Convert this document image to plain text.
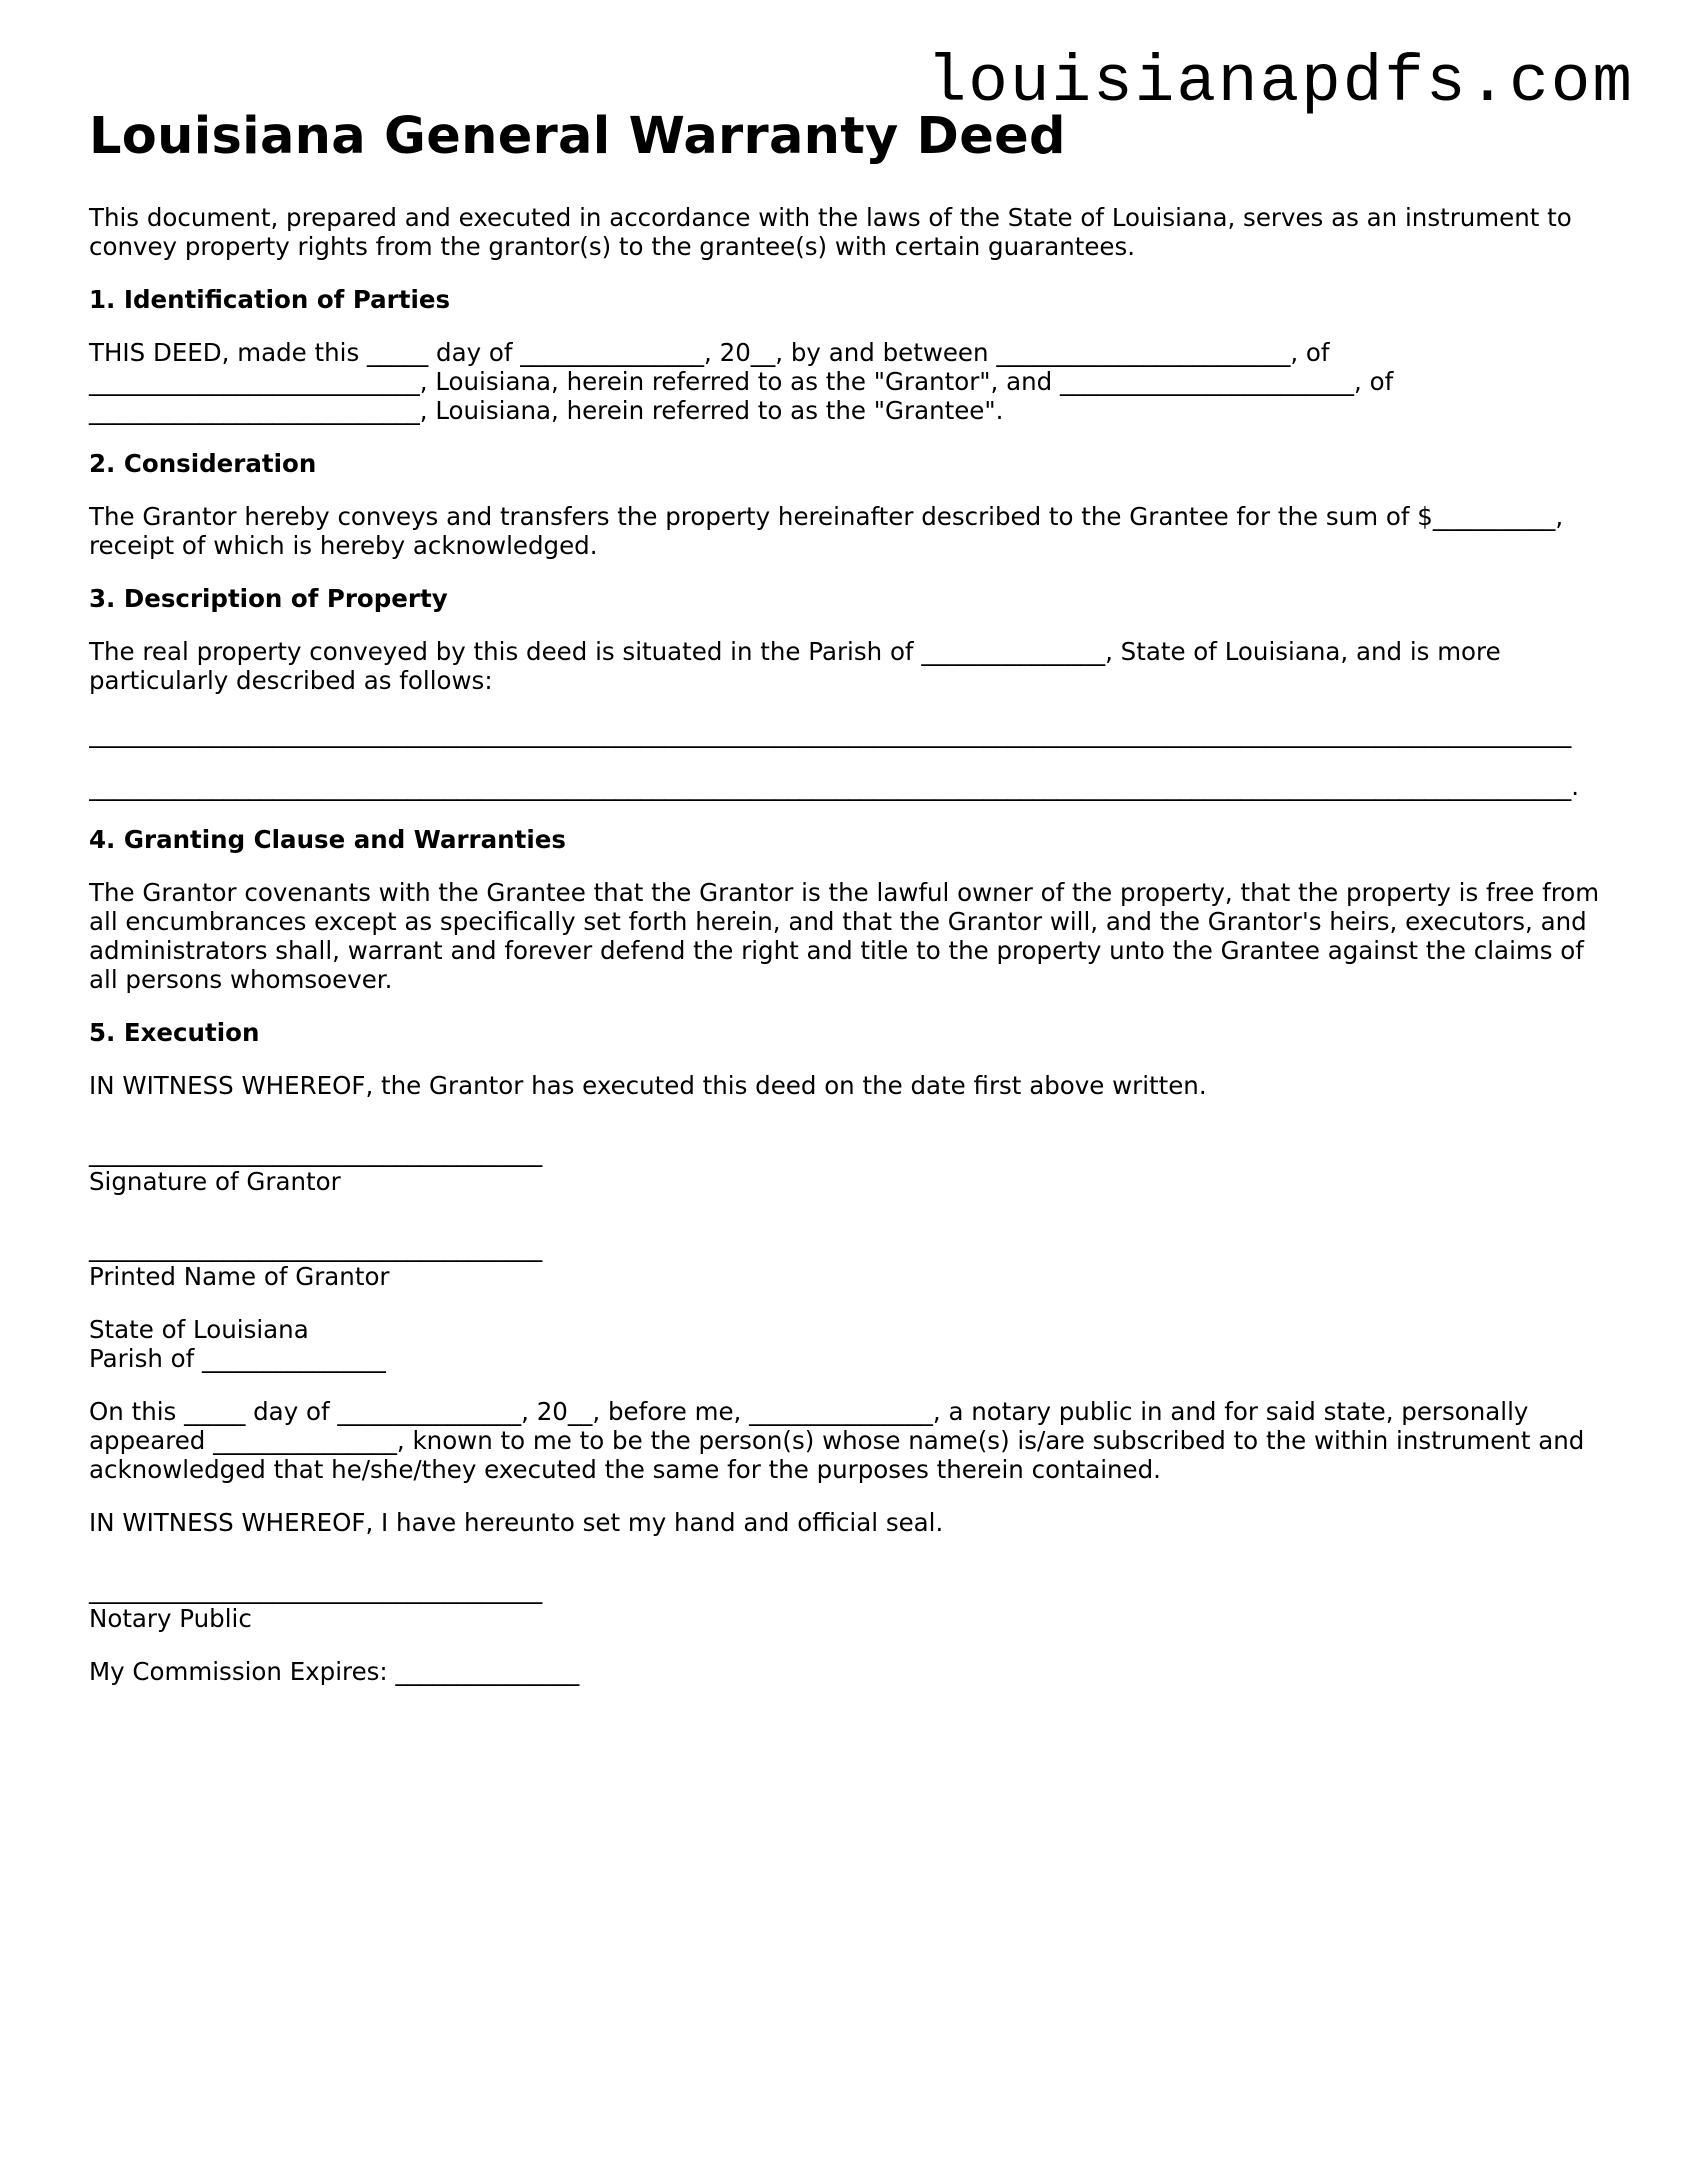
louisianapdfs.com
Louisiana General Warranty Deed

This document, prepared and executed in accordance with the laws of the State of Louisiana, serves as an instrument to convey property rights from the grantor(s) to the grantee(s) with certain guarantees.

1. Identification of Parties

THIS DEED, made this _____ day of _______________, 20__, by and between ________________________, of
___________________________, Louisiana, herein referred to as the "Grantor", and ________________________, of
___________________________, Louisiana, herein referred to as the "Grantee".

2. Consideration

The Grantor hereby conveys and transfers the property hereinafter described to the Grantee for the sum of $__________, receipt of which is hereby acknowledged.

3. Description of Property

The real property conveyed by this deed is situated in the Parish of _______________, State of Louisiana, and is more particularly described as follows:

_________________________________________________________________________________________________________________________
_________________________________________________________________________________________________________________________.
4. Granting Clause and Warranties

The Grantor covenants with the Grantee that the Grantor is the lawful owner of the property, that the property is free from all encumbrances except as specifically set forth herein, and that the Grantor will, and the Grantor's heirs, executors, and administrators shall, warrant and forever defend the right and title to the property unto the Grantee against the claims of all persons whomsoever.

5. Execution

IN WITNESS WHEREOF, the Grantor has executed this deed on the date first above written.

_____________________________________
Signature of Grantor

_____________________________________
Printed Name of Grantor

State of Louisiana
Parish of _______________

On this _____ day of _______________, 20__, before me, _______________, a notary public in and for said state, personally appeared _______________, known to me to be the person(s) whose name(s) is/are subscribed to the within instrument and acknowledged that he/she/they executed the same for the purposes therein contained.

IN WITNESS WHEREOF, I have hereunto set my hand and official seal.

_____________________________________
Notary Public

My Commission Expires: _______________
